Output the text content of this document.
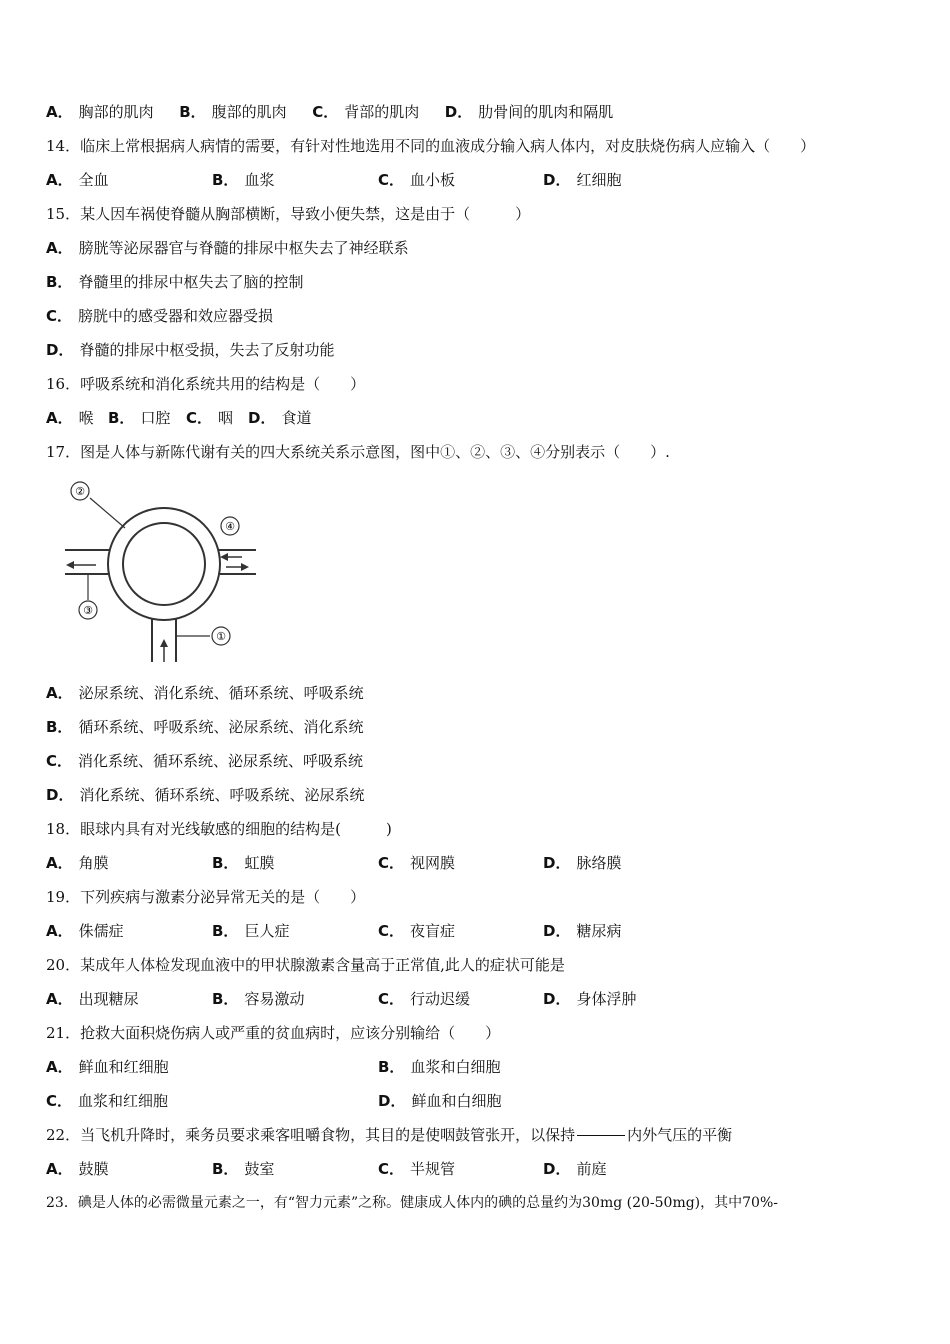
A． 胸部的肌肉 B． 腹部的肌肉 C． 背部的肌肉 D． 肋骨间的肌肉和隔肌
14．临床上常根据病人病情的需要，有针对性地选用不同的血液成分输入病人体内，对皮肤烧伤病人应输入（　　）
A． 全血	B． 血浆	C． 血小板	D． 红细胞
15．某人因车祸使脊髓从胸部横断，导致小便失禁，这是由于（　　　）
A． 膀胱等泌尿器官与脊髓的排尿中枢失去了神经联系
B． 脊髓里的排尿中枢失去了脑的控制
C． 膀胱中的感受器和效应器受损
D． 脊髓的排尿中枢受损，失去了反射功能
16．呼吸系统和消化系统共用的结构是（　　）
A． 喉 B． 口腔 C． 咽 D． 食道
17．图是人体与新陈代谢有关的四大系统关系示意图，图中①、②、③、④分别表示（　　）.
②
④
③
①
A． 泌尿系统、消化系统、循环系统、呼吸系统
B． 循环系统、呼吸系统、泌尿系统、消化系统
C． 消化系统、循环系统、泌尿系统、呼吸系统
D． 消化系统、循环系统、呼吸系统、泌尿系统
18．眼球内具有对光线敏感的细胞的结构是(　　　)
A． 角膜	B． 虹膜	C． 视网膜	D． 脉络膜
19．下列疾病与激素分泌异常无关的是（　　）
A． 侏儒症	B． 巨人症	C． 夜盲症	D． 糖尿病
20．某成年人体检发现血液中的甲状腺激素含量高于正常值,此人的症状可能是
A． 出现糖尿	B． 容易激动	C． 行动迟缓	D． 身体浮肿
21．抢救大面积烧伤病人或严重的贫血病时，应该分别输给（　　）
A． 鲜血和红细胞	B． 血浆和白细胞
C． 血浆和红细胞	D． 鲜血和白细胞
22．当飞机升降时，乘务员要求乘客咀嚼食物，其目的是使咽鼓管张开，以保持	内外气压的平衡
A． 鼓膜	B． 鼓室	C． 半规管	D． 前庭
23．碘是人体的必需微量元素之一，有“智力元素”之称。健康成人体内的碘的总量约为30mg (20-50mg)，其中70%-
